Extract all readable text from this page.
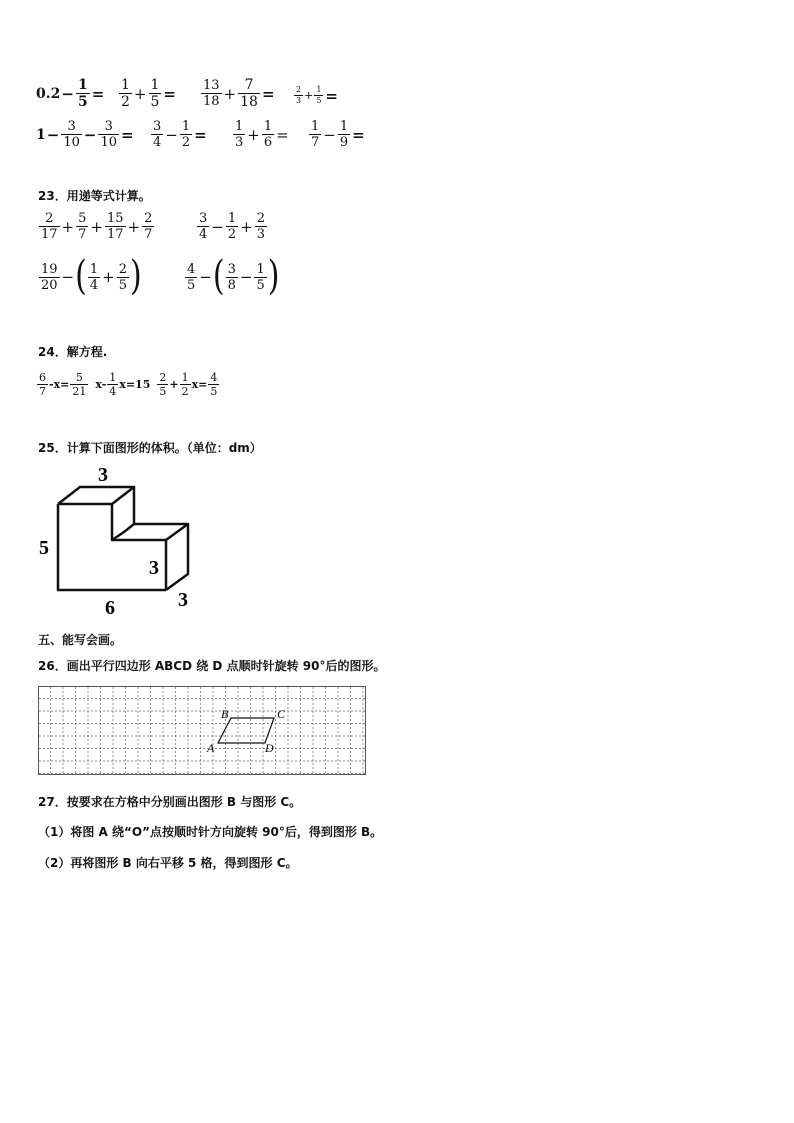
$0.2 - \frac{1}{5} = \frac{1}{2} + \frac{1}{5} = \frac{13}{18} + \frac{7}{18} = \frac{2}{3} + \frac{1}{5}$ =
$1 - \frac{3}{10} - \frac{3}{10} = \frac{3}{4} - \frac{1}{2} = \frac{1}{3} + \frac{1}{6} = \frac{1}{7} - \frac{1}{9}$ =
23．用递等式计算。
$\frac{2}{17} + \frac{5}{7} + \frac{15}{17} + \frac{2}{7}$	$\frac{3}{4} - \frac{1}{2} + \frac{2}{3}$
$\frac{19}{20}$ − ( $\frac{1}{4} + \frac{2}{5}$ )	$\frac{4}{5}$ − ( $\frac{3}{8} - \frac{1}{5}$ )
24．解方程.
$\frac{6}{7} -x= \frac{5}{21} x- \frac{1}{4} x=15 \frac{2}{5} + \frac{1}{2} x= \frac{4}{5}$
25．计算下面图形的体积。（单位：dm）
3
5
3
3
6
五、能写会画。
26．画出平行四边形 ABCD 绕 D 点顺时针旋转 90°后的图形。
B	C
A	D
27．按要求在方格中分别画出图形 B 与图形 C。
（1）将图 A 绕“O”点按顺时针方向旋转 90°后，得到图形 B。
（2）再将图形 B 向右平移 5 格，得到图形 C。
